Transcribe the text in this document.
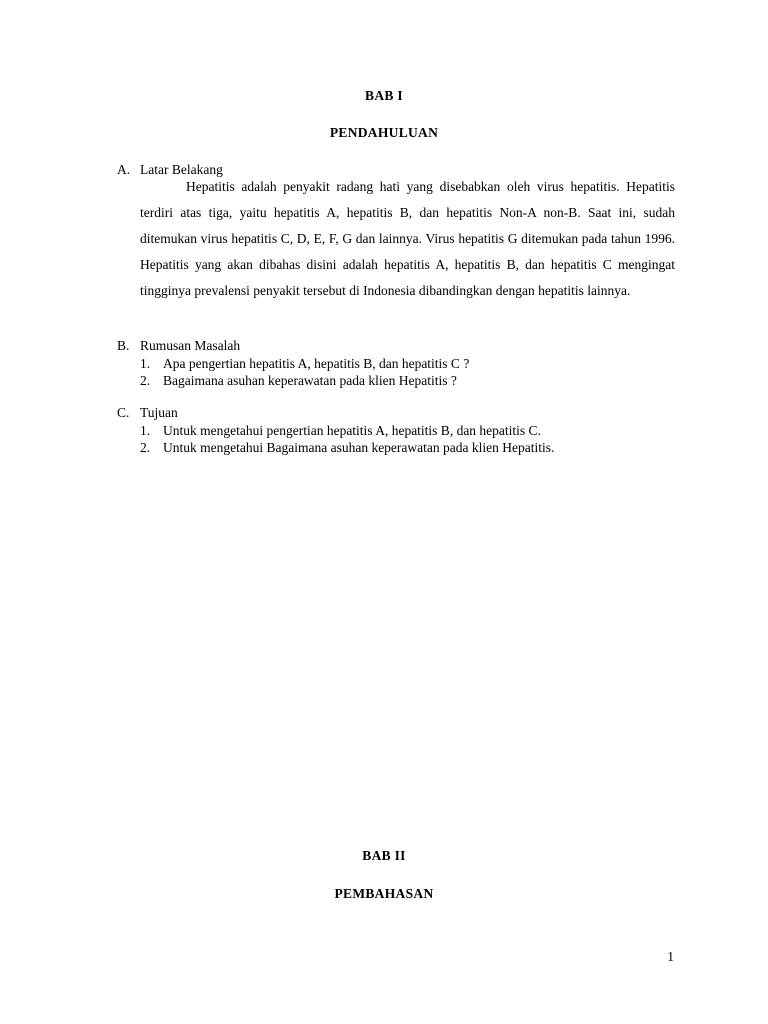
BAB I
PENDAHULUAN
A. Latar Belakang

Hepatitis adalah penyakit radang hati yang disebabkan oleh virus hepatitis. Hepatitis terdiri atas tiga, yaitu hepatitis A, hepatitis B, dan hepatitis Non-A non-B. Saat ini, sudah ditemukan virus hepatitis C, D, E, F, G dan lainnya. Virus hepatitis G ditemukan pada tahun 1996. Hepatitis yang akan dibahas disini adalah hepatitis A, hepatitis B, dan hepatitis C mengingat tingginya prevalensi penyakit tersebut di Indonesia dibandingkan dengan hepatitis lainnya.

B. Rumusan Masalah
1. Apa pengertian hepatitis A, hepatitis B, dan hepatitis C ?
2. Bagaimana asuhan keperawatan pada klien Hepatitis ?
C. Tujuan
1. Untuk mengetahui pengertian hepatitis A, hepatitis B, dan hepatitis C.
2. Untuk mengetahui Bagaimana asuhan keperawatan pada klien Hepatitis.
BAB II
PEMBAHASAN
1
